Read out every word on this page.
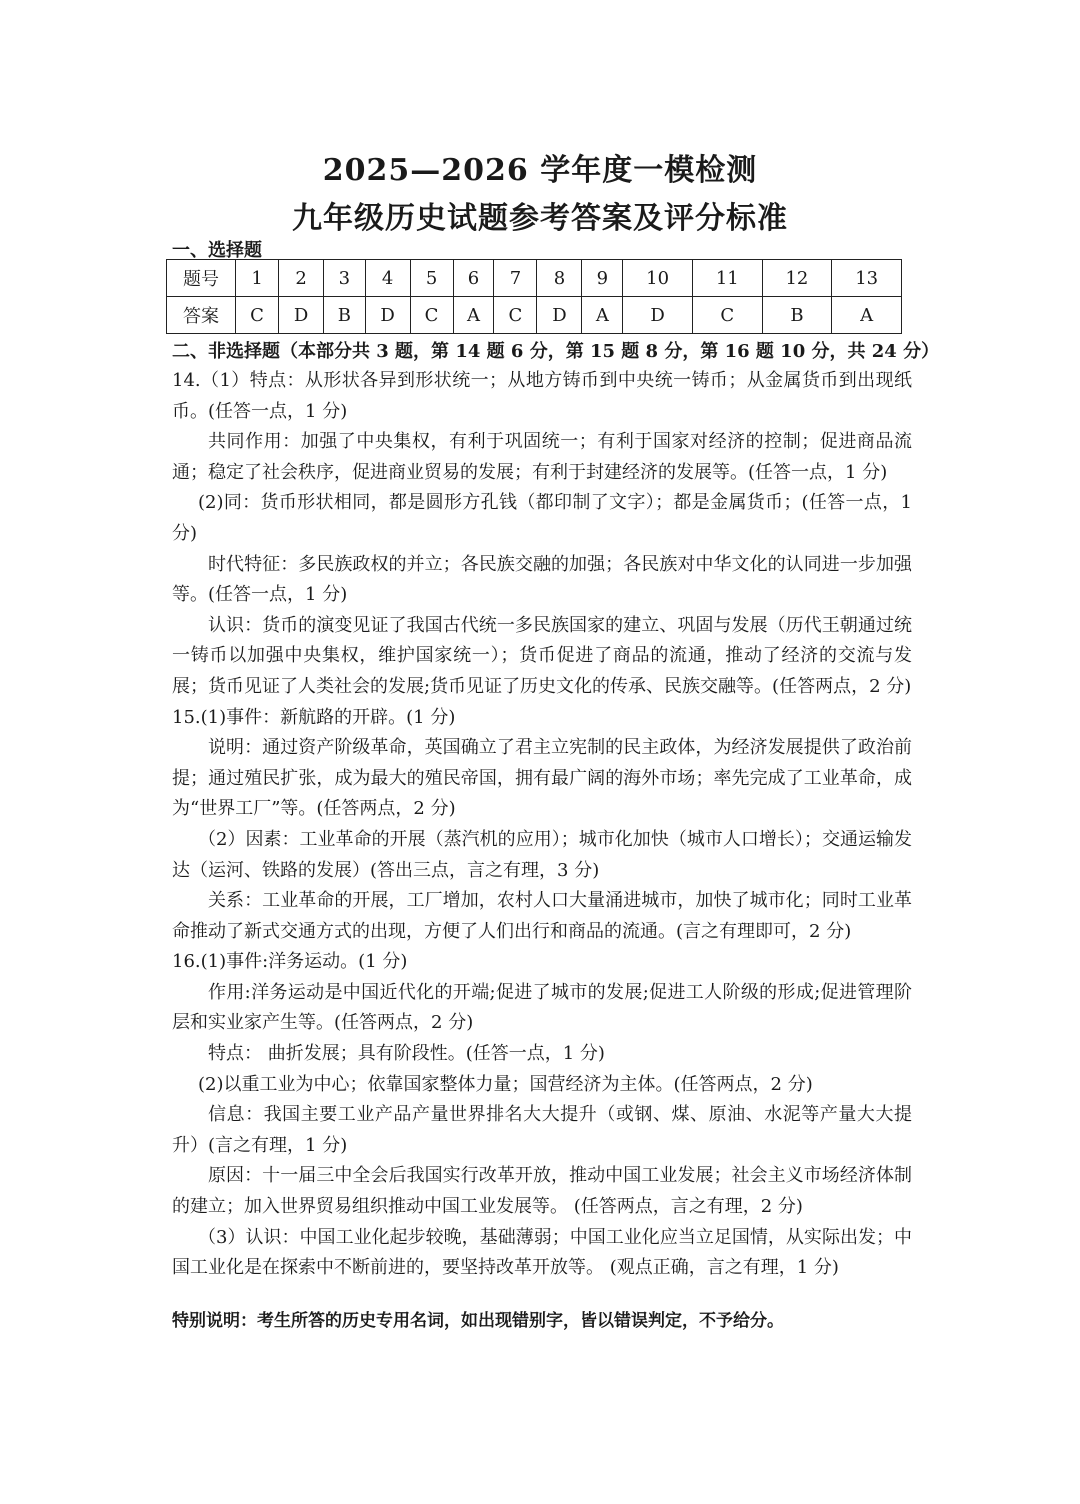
2025—2026 学年度一模检测
九年级历史试题参考答案及评分标准
一、选择题
题号	1	2	3	4	5	6	7	8	9	10	11	12	13
答案	C	D	B	D	C	A	C	D	A	D	C	B	A
二、非选择题（本部分共 3 题，第 14 题 6 分，第 15 题 8 分，第 16 题 10 分，共 24 分）

14.（1）特点：从形状各异到形状统一；从地方铸币到中央统一铸币；从金属货币到出现纸币。(任答一点，1 分)

共同作用：加强了中央集权，有利于巩固统一；有利于国家对经济的控制；促进商品流通；稳定了社会秩序，促进商业贸易的发展；有利于封建经济的发展等。(任答一点，1 分)

(2)同：货币形状相同，都是圆形方孔钱（都印制了文字）；都是金属货币；(任答一点，1 分)

时代特征：多民族政权的并立；各民族交融的加强；各民族对中华文化的认同进一步加强等。(任答一点，1 分)

认识：货币的演变见证了我国古代统一多民族国家的建立、巩固与发展（历代王朝通过统一铸币以加强中央集权，维护国家统一）；货币促进了商品的流通，推动了经济的交流与发展；货币见证了人类社会的发展;货币见证了历史文化的传承、民族交融等。(任答两点，2 分)

15.(1)事件：新航路的开辟。(1 分)

说明：通过资产阶级革命，英国确立了君主立宪制的民主政体，为经济发展提供了政治前提；通过殖民扩张，成为最大的殖民帝国，拥有最广阔的海外市场；率先完成了工业革命，成为“世界工厂”等。(任答两点，2 分)

（2）因素：工业革命的开展（蒸汽机的应用）；城市化加快（城市人口增长）；交通运输发达（运河、铁路的发展）(答出三点，言之有理，3 分)

关系：工业革命的开展，工厂增加，农村人口大量涌进城市，加快了城市化；同时工业革命推动了新式交通方式的出现，方便了人们出行和商品的流通。(言之有理即可，2 分)

16.(1)事件:洋务运动。(1 分)

作用:洋务运动是中国近代化的开端;促进了城市的发展;促进工人阶级的形成;促进管理阶层和实业家产生等。(任答两点，2 分)

特点： 曲折发展；具有阶段性。(任答一点，1 分)

(2)以重工业为中心；依靠国家整体力量；国营经济为主体。(任答两点，2 分)

信息：我国主要工业产品产量世界排名大大提升（或钢、煤、原油、水泥等产量大大提升）(言之有理，1 分)

原因：十一届三中全会后我国实行改革开放，推动中国工业发展；社会主义市场经济体制的建立；加入世界贸易组织推动中国工业发展等。 (任答两点，言之有理，2 分)

（3）认识：中国工业化起步较晚，基础薄弱；中国工业化应当立足国情，从实际出发；中国工业化是在探索中不断前进的，要坚持改革开放等。 (观点正确，言之有理，1 分)

特别说明：考生所答的历史专用名词，如出现错别字，皆以错误判定，不予给分。
